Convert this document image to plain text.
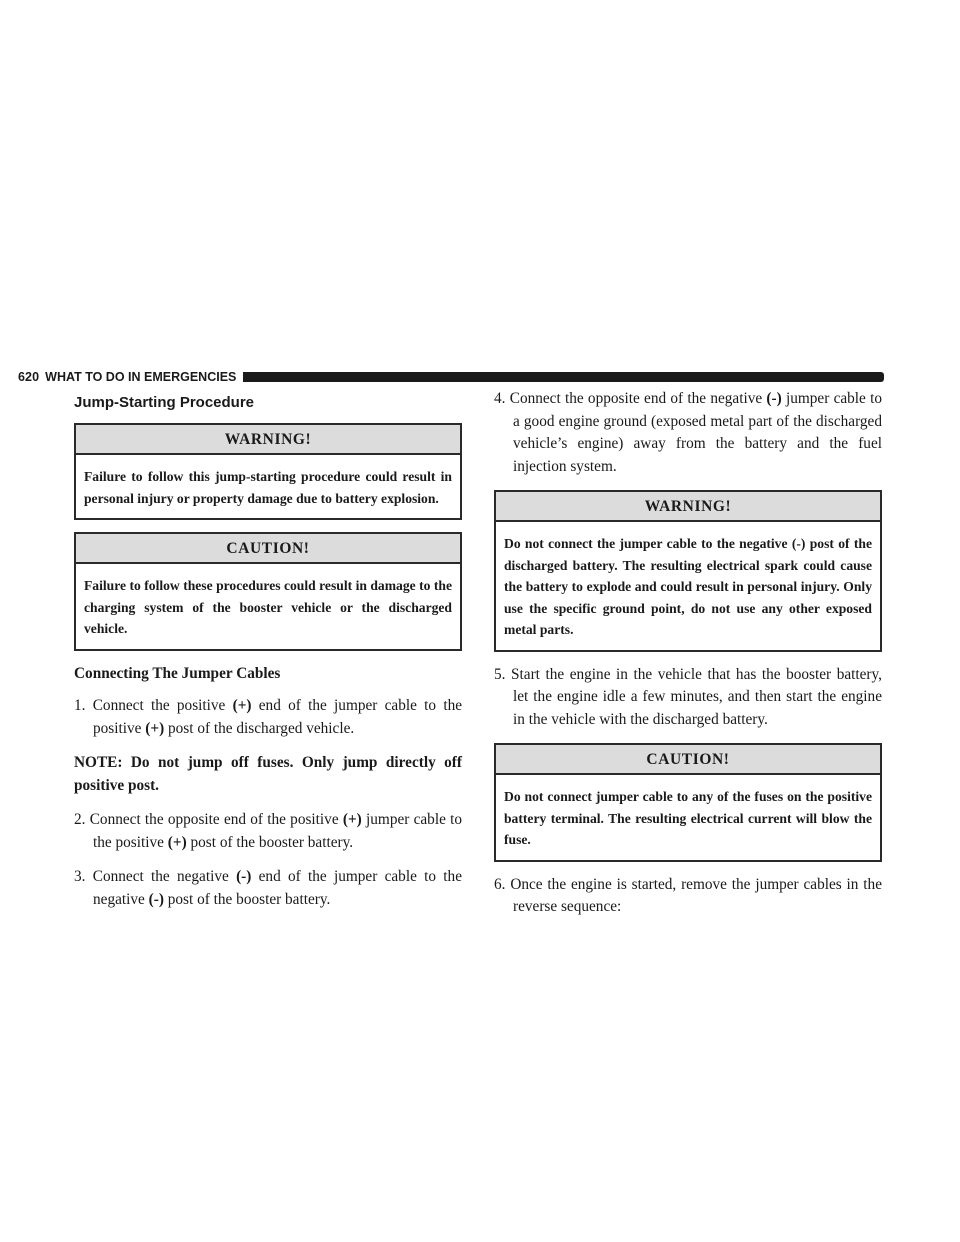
620 WHAT TO DO IN EMERGENCIES
Jump-Starting Procedure
WARNING!
Failure to follow this jump-starting procedure could result in personal injury or property damage due to battery explosion.
CAUTION!
Failure to follow these procedures could result in damage to the charging system of the booster vehicle or the discharged vehicle.

Connecting The Jumper Cables

1. Connect the positive (+) end of the jumper cable to the positive (+) post of the discharged vehicle.

NOTE: Do not jump off fuses. Only jump directly off positive post.

2. Connect the opposite end of the positive (+) jumper cable to the positive (+) post of the booster battery.

3. Connect the negative (-) end of the jumper cable to the negative (-) post of the booster battery.

4. Connect the opposite end of the negative (-) jumper cable to a good engine ground (exposed metal part of the discharged vehicle’s engine) away from the battery and the fuel injection system.

WARNING!
Do not connect the jumper cable to the negative (-) post of the discharged battery. The resulting electrical spark could cause the battery to explode and could result in personal injury. Only use the specific ground point, do not use any other exposed metal parts.

5. Start the engine in the vehicle that has the booster battery, let the engine idle a few minutes, and then start the engine in the vehicle with the discharged battery.

CAUTION!
Do not connect jumper cable to any of the fuses on the positive battery terminal. The resulting electrical current will blow the fuse.

6. Once the engine is started, remove the jumper cables in the reverse sequence:
